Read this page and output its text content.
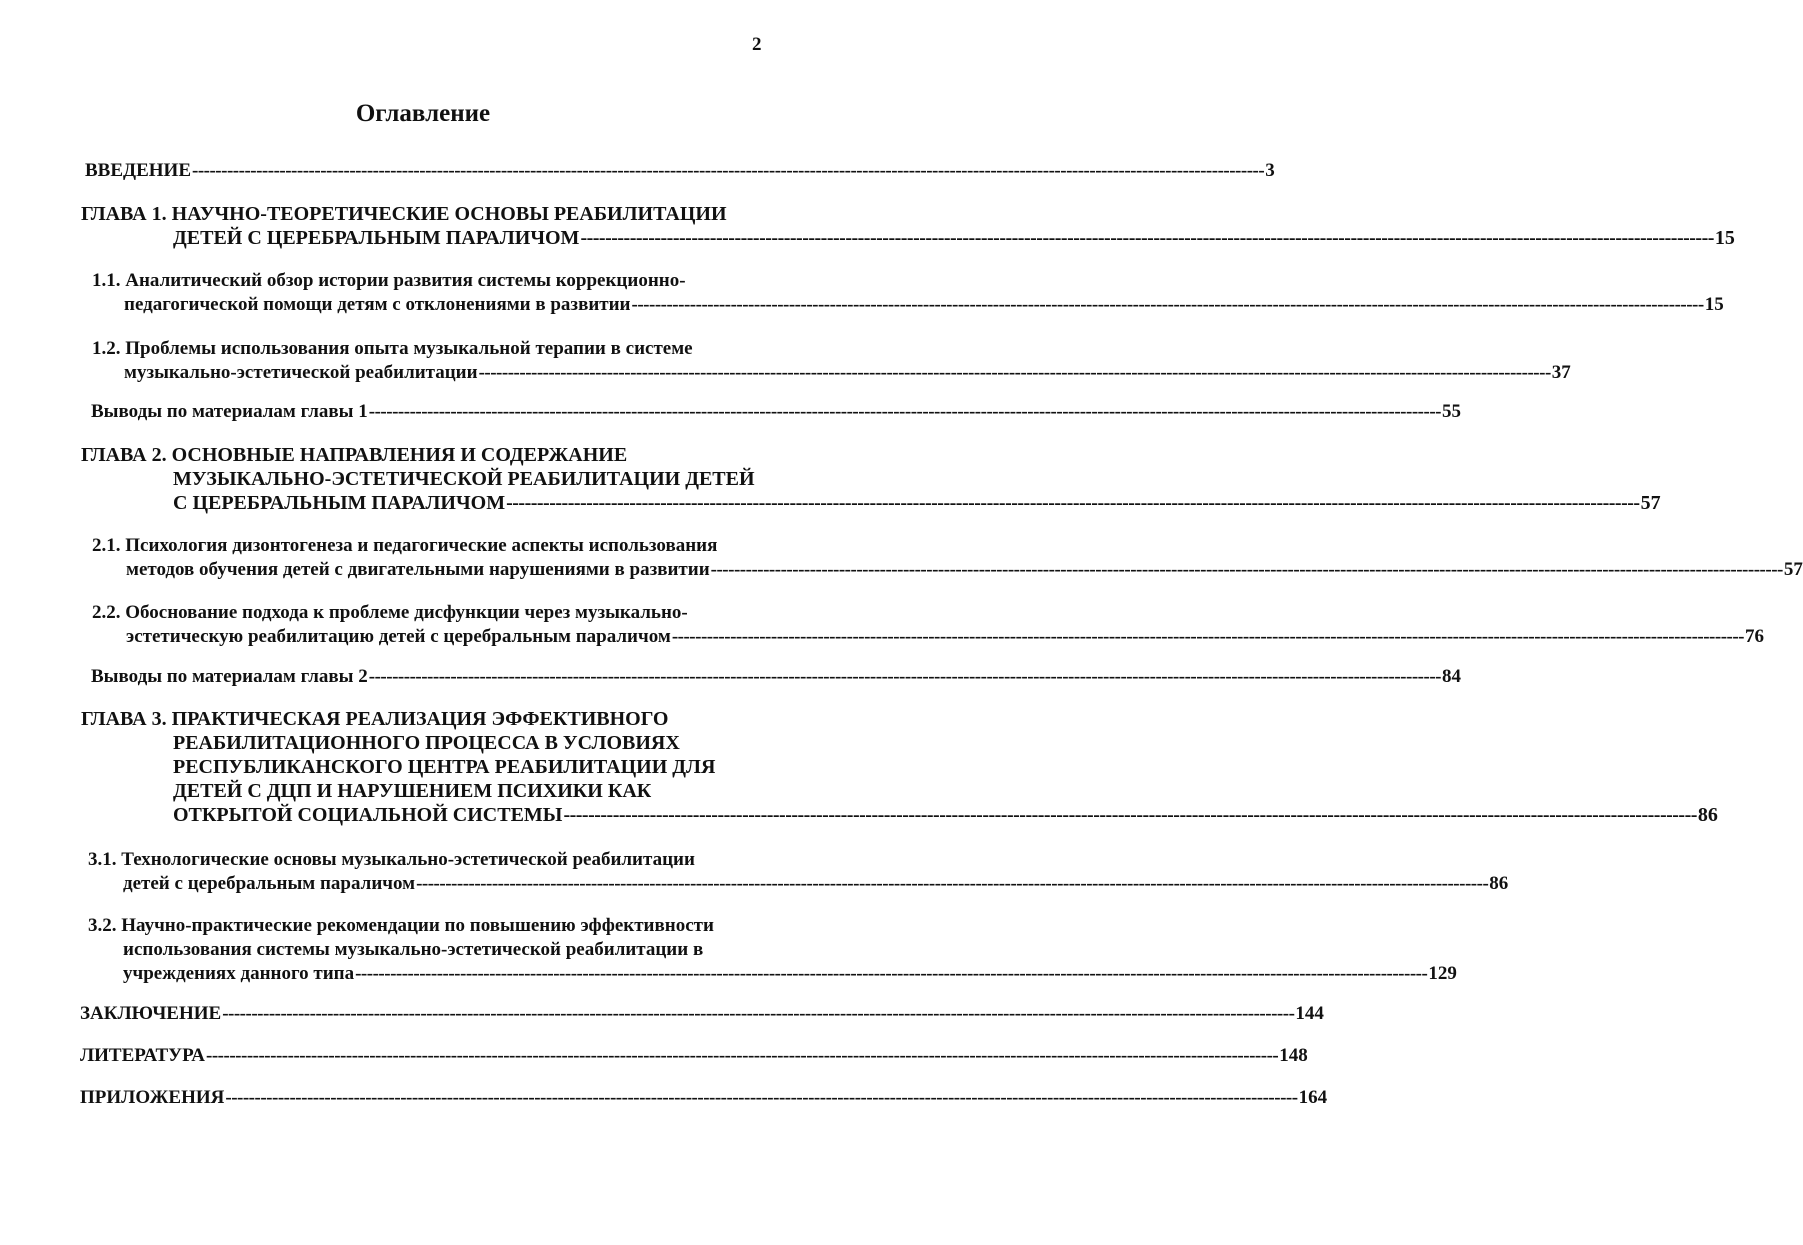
2
Оглавление
ВВЕДЕНИЕ ---------------------------------------------------------------------------------------------------------------------------------------------------------------------------------------- 3
ГЛАВА 1. НАУЧНО-ТЕОРЕТИЧЕСКИЕ ОСНОВЫ РЕАБИЛИТАЦИИ
ДЕТЕЙ С ЦЕРЕБРАЛЬНЫМ ПАРАЛИЧОМ ---------------------------------------------------------------------------------------------------------------------------------------------------------------------------------------- 15
1.1. Аналитический обзор истории развития системы коррекционно-
педагогической помощи детям с отклонениями в развитии ---------------------------------------------------------------------------------------------------------------------------------------------------------------------------------------- 15
1.2. Проблемы использования опыта музыкальной терапии в системе
музыкально-эстетической реабилитации ---------------------------------------------------------------------------------------------------------------------------------------------------------------------------------------- 37
Выводы по материалам главы 1 ---------------------------------------------------------------------------------------------------------------------------------------------------------------------------------------- 55
ГЛАВА 2. ОСНОВНЫЕ НАПРАВЛЕНИЯ И СОДЕРЖАНИЕ
МУЗЫКАЛЬНО-ЭСТЕТИЧЕСКОЙ РЕАБИЛИТАЦИИ ДЕТЕЙ
С ЦЕРЕБРАЛЬНЫМ ПАРАЛИЧОМ ---------------------------------------------------------------------------------------------------------------------------------------------------------------------------------------- 57
2.1. Психология дизонтогенеза и педагогические аспекты использования
методов обучения детей с двигательными нарушениями в развитии ---------------------------------------------------------------------------------------------------------------------------------------------------------------------------------------- 57
2.2. Обоснование подхода к проблеме дисфункции через музыкально-
эстетическую реабилитацию детей с церебральным параличом ---------------------------------------------------------------------------------------------------------------------------------------------------------------------------------------- 76
Выводы по материалам главы 2 ---------------------------------------------------------------------------------------------------------------------------------------------------------------------------------------- 84
ГЛАВА 3. ПРАКТИЧЕСКАЯ РЕАЛИЗАЦИЯ ЭФФЕКТИВНОГО
РЕАБИЛИТАЦИОННОГО ПРОЦЕССА В УСЛОВИЯХ
РЕСПУБЛИКАНСКОГО ЦЕНТРА РЕАБИЛИТАЦИИ ДЛЯ
ДЕТЕЙ С ДЦП И НАРУШЕНИЕМ ПСИХИКИ КАК
ОТКРЫТОЙ СОЦИАЛЬНОЙ СИСТЕМЫ ---------------------------------------------------------------------------------------------------------------------------------------------------------------------------------------- 86
3.1. Технологические основы музыкально-эстетической реабилитации
детей с церебральным параличом ---------------------------------------------------------------------------------------------------------------------------------------------------------------------------------------- 86
3.2. Научно-практические рекомендации по повышению эффективности
использования системы музыкально-эстетической реабилитации в
учреждениях данного типа ---------------------------------------------------------------------------------------------------------------------------------------------------------------------------------------- 129
ЗАКЛЮЧЕНИЕ ---------------------------------------------------------------------------------------------------------------------------------------------------------------------------------------- 144
ЛИТЕРАТУРА ---------------------------------------------------------------------------------------------------------------------------------------------------------------------------------------- 148
ПРИЛОЖЕНИЯ ---------------------------------------------------------------------------------------------------------------------------------------------------------------------------------------- 164
